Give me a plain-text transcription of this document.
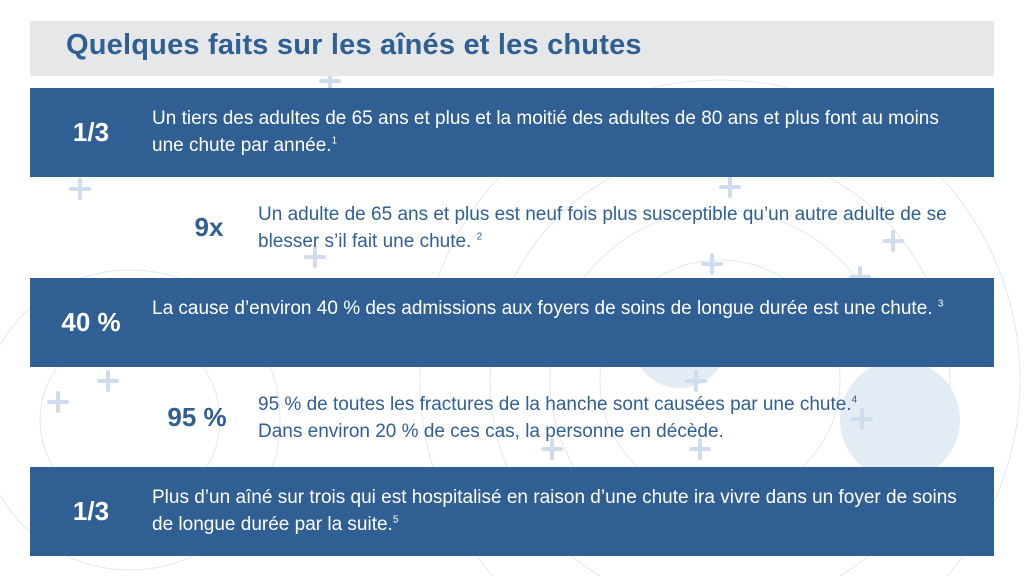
Quelques faits sur les aînés et les chutes
1/3	Un tiers des adultes de 65 ans et plus et la moitié des adultes de 80 ans et plus font au moins une chute par année.$^1$
9x	Un adulte de 65 ans et plus est neuf fois plus susceptible qu’un autre adulte de se blesser s’il fait une chute. $^2$
40 %	La cause d’environ 40 % des admissions aux foyers de soins de longue durée est une chute. $^3$
95 %	95 % de toutes les fractures de la hanche sont causées par une chute.$^4$
Dans environ 20 % de ces cas, la personne en décède.
1/3	Plus d’un aîné sur trois qui est hospitalisé en raison d’une chute ira vivre dans un foyer de soins de longue durée par la suite.$^5$
